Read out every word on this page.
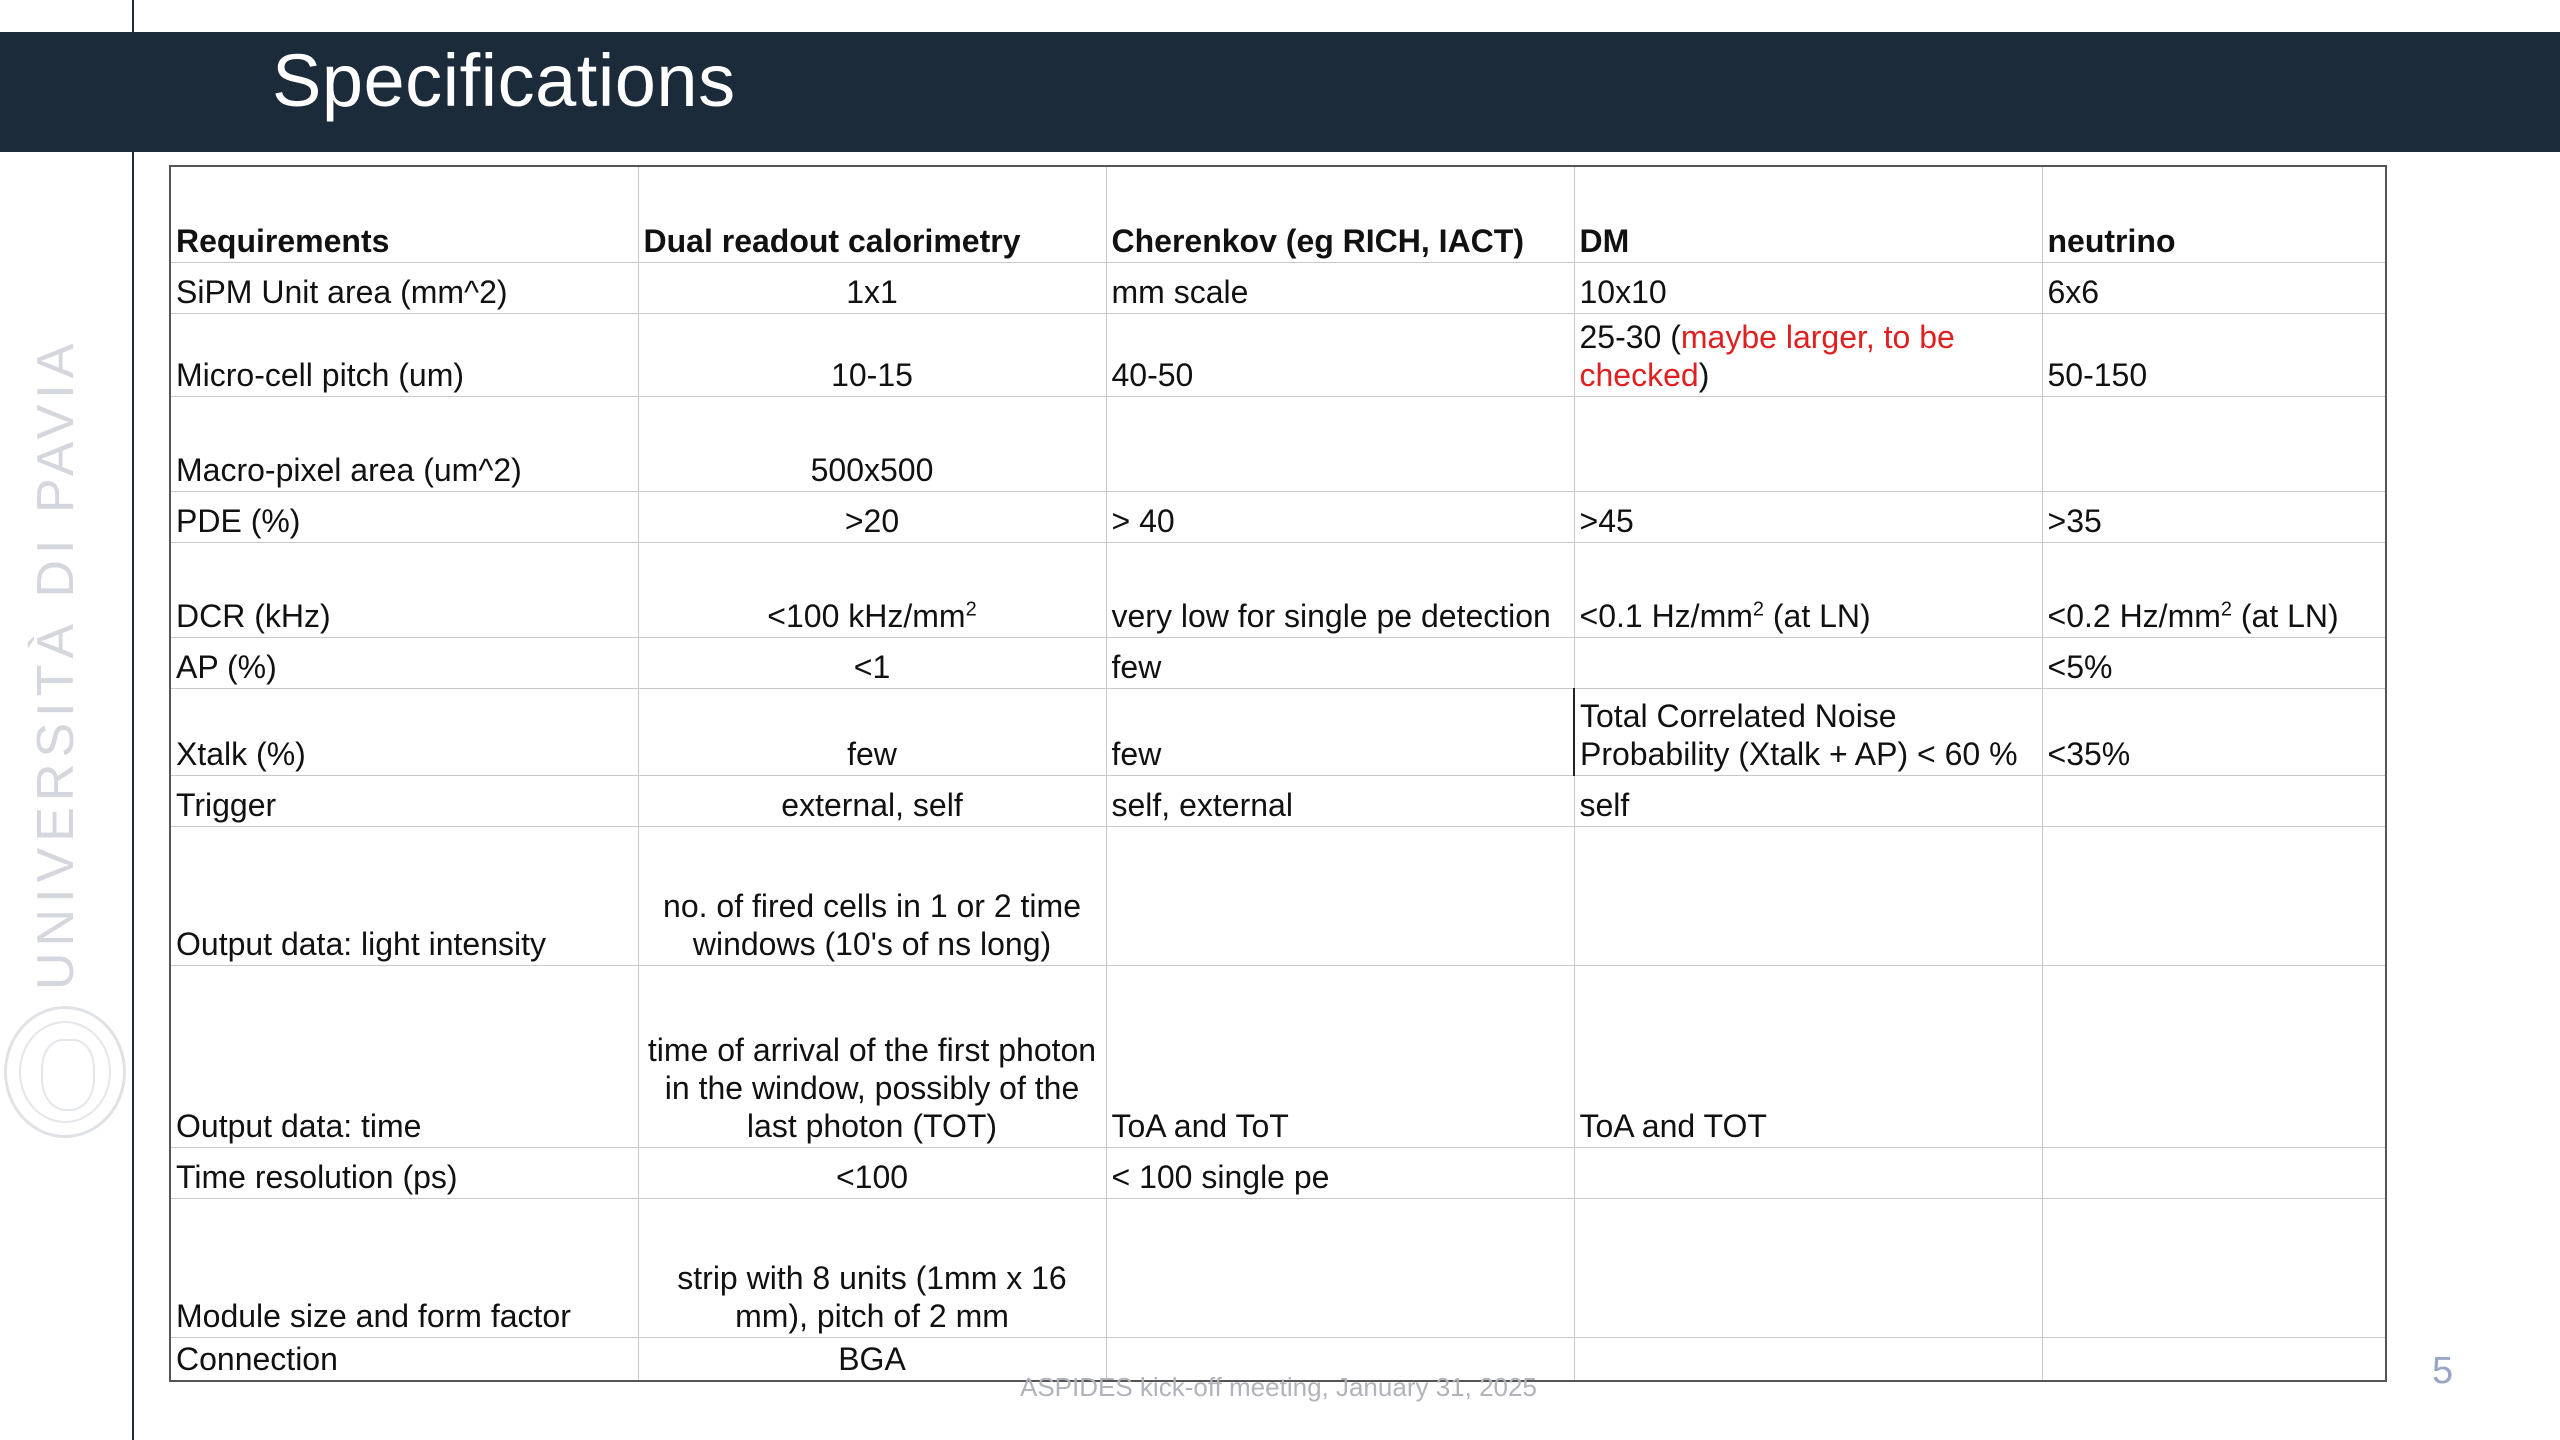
Specifications
UNIVERSITÀ DI PAVIA
Requirements	Dual readout calorimetry	Cherenkov (eg RICH, IACT)	DM	neutrino
SiPM Unit area (mm^2)	1x1	mm scale	10x10	6x6
Micro-cell pitch (um)	10-15	40-50	25-30 (maybe larger, to be checked)	50-150
Macro-pixel area (um^2)	500x500			
PDE (%)	>20	> 40	>45	>35
DCR (kHz)	<100 kHz/$mm^2$	very low for single pe detection	<0.1 $Hz/mm^2$ (at LN)	<0.2 $Hz/mm^2$ (at LN)
AP (%)	<1	few		<5%
Xtalk (%)	few	few	Total Correlated Noise Probability (Xtalk + AP) < 60 %	<35%
Trigger	external, self	self, external	self	
Output data: light intensity	no. of fired cells in 1 or 2 time windows (10's of ns long)			
Output data: time	time of arrival of the first photon in the window, possibly of the last photon (TOT)	ToA and ToT	ToA and TOT	
Time resolution (ps)	<100	< 100 single pe		
Module size and form factor	strip with 8 units (1mm x 16 mm), pitch of 2 mm			
Connection	BGA			
ASPIDES kick-off meeting, January 31, 2025	5
